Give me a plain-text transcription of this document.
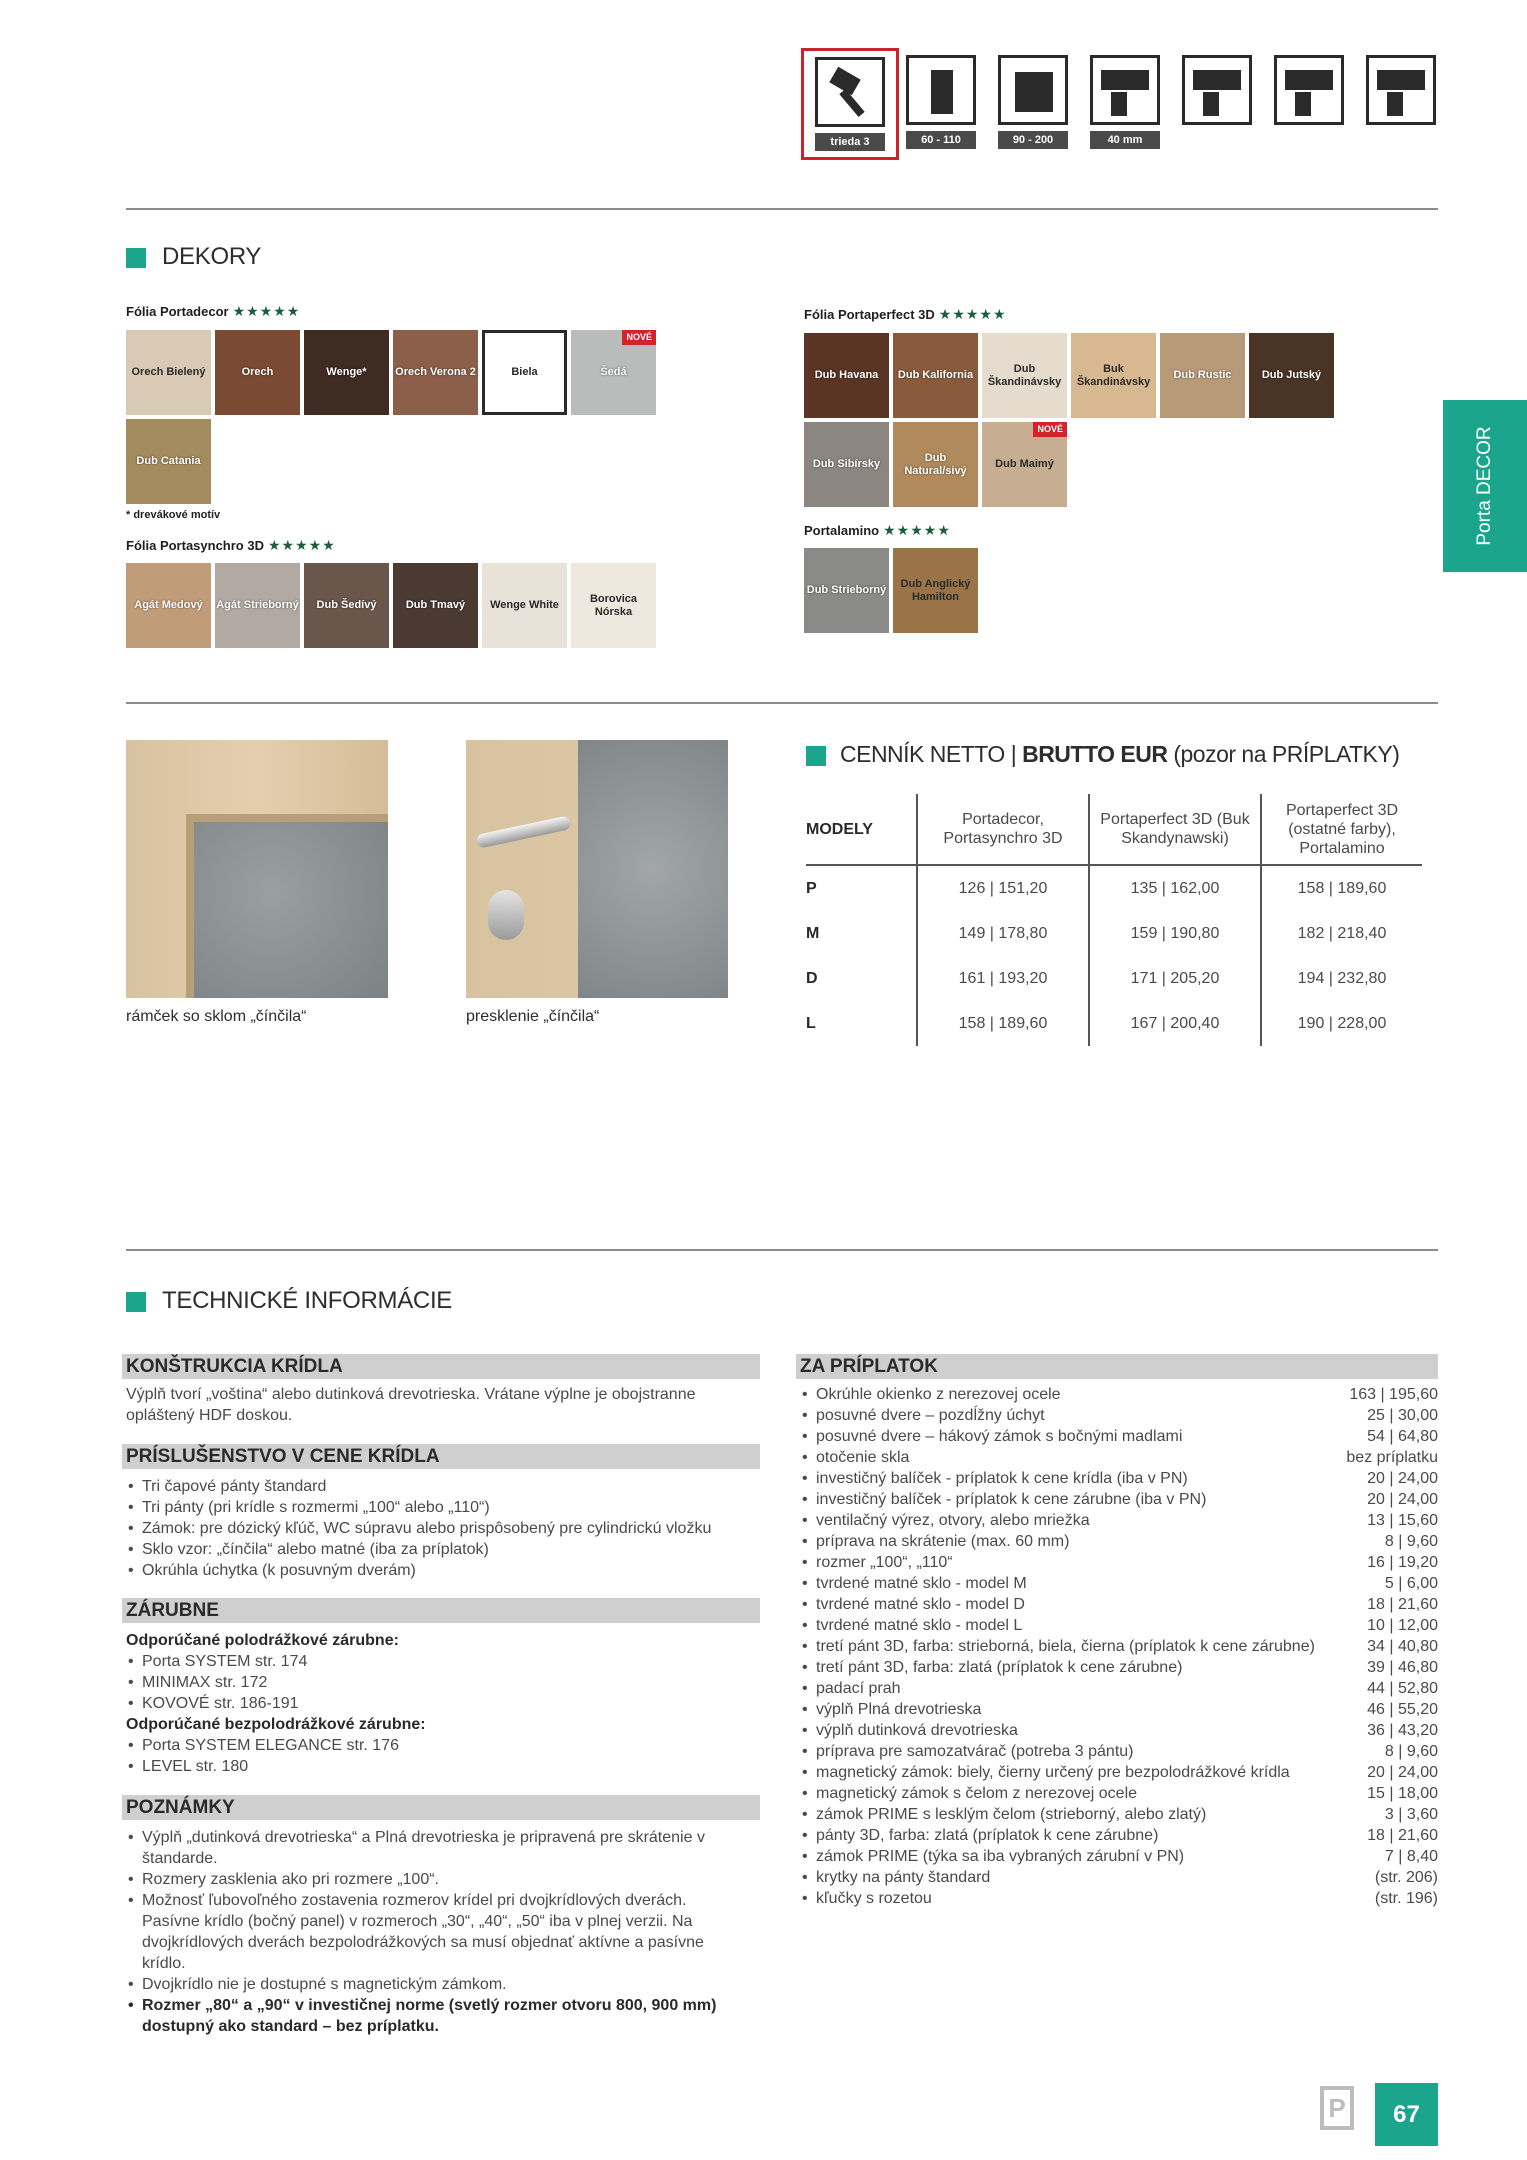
trieda 3	60 - 110	90 - 200	40 mm
Porta DECOR
DEKORY
Fólia Portadecor ★★★★★
Orech Bielený	Orech	Wenge*	Orech Verona 2	Biela	Šedá
NOVÉ
Dub Catania
* drevákové motív
Fólia Portasynchro 3D ★★★★★
Agát Medový Agát Strieborný Dub Šedívý	Dub Tmavý Wenge White
Borovica Nórska
Fólia Portaperfect 3D ★★★★★
Dub Havana Dub Kalifornia
Dub Škandinávsky
Buk Škandinávsky
Dub Rustic	Dub Jutský
Dub Sibírsky
Dub Natural/sivý
Dub Maimý
NOVÉ
Portalamino ★★★★★
Dub Strieborný
Dub Anglický Hamilton
rámček so sklom „čínčila“	presklenie „čínčila“
CENNÍK NETTO | BRUTTO EUR (pozor na PRÍPLATKY)
MODELY	Portadecor, Portasynchro 3D	Portaperfect 3D (Buk Skandynawski)	Portaperfect 3D (ostatné farby), Portalamino
P	126 | 151,20	135 | 162,00	158 | 189,60
M	149 | 178,80	159 | 190,80	182 | 218,40
D	161 | 193,20	171 | 205,20	194 | 232,80
L	158 | 189,60	167 | 200,40	190 | 228,00
TECHNICKÉ INFORMÁCIE
KONŠTRUKCIA KRÍDLA
Výplň tvorí „voština“ alebo dutinková drevotrieska. Vrátane výplne je obojstranne opláštený HDF doskou.
PRÍSLUŠENSTVO V CENE KRÍDLA
• Tri čapové pánty štandard
• Tri pánty (pri krídle s rozmermi „100“ alebo „110“)
• Zámok: pre dózický kľúč, WC súpravu alebo prispôsobený pre cylindrickú vložku
• Sklo vzor: „čínčila“ alebo matné (iba za príplatok)
• Okrúhla úchytka (k posuvným dverám)
ZÁRUBNE
Odporúčané polodrážkové zárubne:
• Porta SYSTEM str. 174
• MINIMAX str. 172
• KOVOVÉ str. 186-191
Odporúčané bezpolodrážkové zárubne:
• Porta SYSTEM ELEGANCE str. 176
• LEVEL str. 180
POZNÁMKY
• Výplň „dutinková drevotrieska“ a Plná drevotrieska je pripravená pre skrátenie v štandarde.
• Rozmery zasklenia ako pri rozmere „100“.
• Možnosť ľubovoľného zostavenia rozmerov krídel pri dvojkrídlových dverách. Pasívne krídlo (bočný panel) v rozmeroch „30“, „40“, „50“ iba v plnej verzii. Na dvojkrídlových dverách bezpolodrážkových sa musí objednať aktívne a pasívne krídlo.
• Dvojkrídlo nie je dostupné s magnetickým zámkom.
• Rozmer „80“ a „90“ v investičnej norme (svetlý rozmer otvoru 800, 900 mm) dostupný ako standard – bez príplatku.
ZA PRÍPLATOK
• Okrúhle okienko z nerezovej ocele	163 | 195,60
• posuvné dvere – pozdĺžny úchyt	25 | 30,00
• posuvné dvere – hákový zámok s bočnými madlami	54 | 64,80
• otočenie skla	bez príplatku
• investičný balíček - príplatok k cene krídla (iba v PN)	20 | 24,00
• investičný balíček - príplatok k cene zárubne (iba v PN)	20 | 24,00
• ventilačný výrez, otvory, alebo mriežka	13 | 15,60
• príprava na skrátenie (max. 60 mm)	8 | 9,60
• rozmer „100“, „110“	16 | 19,20
• tvrdené matné sklo - model M	5 | 6,00
• tvrdené matné sklo - model D	18 | 21,60
• tvrdené matné sklo - model L	10 | 12,00
• tretí pánt 3D, farba: strieborná, biela, čierna (príplatok k cene zárubne)	34 | 40,80
• tretí pánt 3D, farba: zlatá (príplatok k cene zárubne)	39 | 46,80
• padací prah	44 | 52,80
• výplň Plná drevotrieska	46 | 55,20
• výplň dutinková drevotrieska	36 | 43,20
• príprava pre samozatvárač (potreba 3 pántu)	8 | 9,60
• magnetický zámok: biely, čierny určený pre bezpolodrážkové krídla	20 | 24,00
• magnetický zámok s čelom z nerezovej ocele	15 | 18,00
• zámok PRIME s lesklým čelom (strieborný, alebo zlatý)	3 | 3,60
• pánty 3D, farba: zlatá (príplatok k cene zárubne)	18 | 21,60
• zámok PRIME (týka sa iba vybraných zárubní v PN)	7 | 8,40
• krytky na pánty štandard	(str. 206)
• kľučky s rozetou	(str. 196)
P	67
